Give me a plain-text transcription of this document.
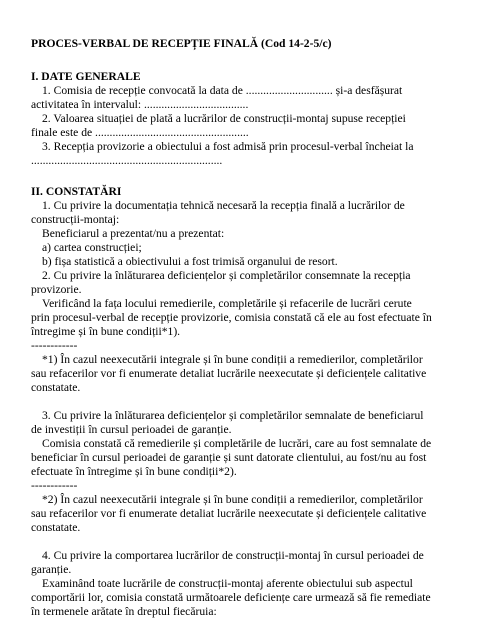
PROCES-VERBAL DE RECEPȚIE FINALĂ (Cod 14-2-5/c)
I. DATE GENERALE
1. Comisia de recepție convocată la data de .............................. și-a desfășurat
activitatea în intervalul: ....................................
2. Valoarea situației de plată a lucrărilor de construcții-montaj supuse recepției
finale este de .....................................................
3. Recepția provizorie a obiectului a fost admisă prin procesul-verbal încheiat la
..................................................................
II. CONSTATĂRI
1. Cu privire la documentația tehnică necesară la recepția finală a lucrărilor de
construcții-montaj:
Beneficiarul a prezentat/nu a prezentat:
a) cartea construcției;
b) fișa statistică a obiectivului a fost trimisă organului de resort.
2. Cu privire la înlăturarea deficiențelor și completărilor consemnate la recepția
provizorie.
Verificând la fața locului remedierile, completările și refacerile de lucrări cerute
prin procesul-verbal de recepție provizorie, comisia constată că ele au fost efectuate în
întregime și în bune condiții*1).
------------
*1) În cazul neexecutării integrale și în bune condiții a remedierilor, completărilor
sau refacerilor vor fi enumerate detaliat lucrările neexecutate și deficiențele calitative
constatate.
3. Cu privire la înlăturarea deficiențelor și completărilor semnalate de beneficiarul
de investiții în cursul perioadei de garanție.
Comisia constată că remedierile și completările de lucrări, care au fost semnalate de
beneficiar în cursul perioadei de garanție și sunt datorate clientului, au fost/nu au fost
efectuate în întregime și în bune condiții*2).
------------
*2) În cazul neexecutării integrale și în bune condiții a remedierilor, completărilor
sau refacerilor vor fi enumerate detaliat lucrările neexecutate și deficiențele calitative
constatate.
4. Cu privire la comportarea lucrărilor de construcții-montaj în cursul perioadei de
garanție.
Examinând toate lucrările de construcții-montaj aferente obiectului sub aspectul
comportării lor, comisia constată următoarele deficiențe care urmează să fie remediate
în termenele arătate în dreptul fiecăruia:
